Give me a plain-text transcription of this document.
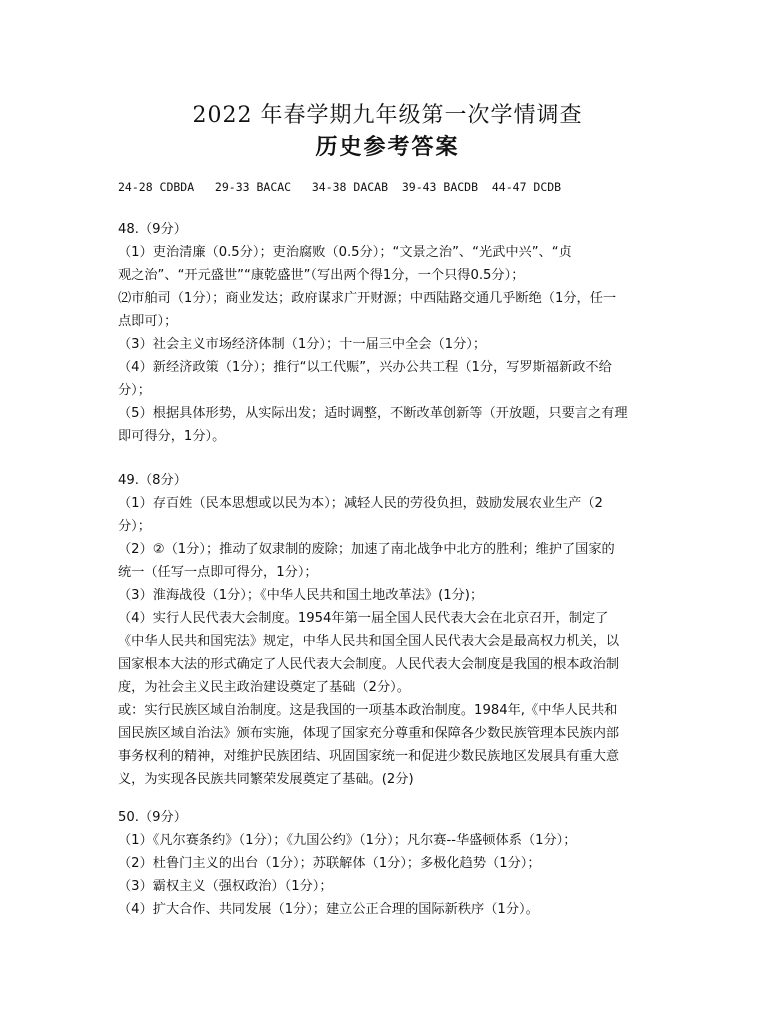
2022 年春学期九年级第一次学情调查
历史参考答案
24-28 CDBDA   29-33 BACAC   34-38 DACAB  39-43 BACDB  44-47 DCDB
48.（9分）
（1）吏治清廉（0.5分）；吏治腐败（0.5分）；“文景之治”、“光武中兴”、“贞
观之治”、“开元盛世”“康乾盛世”（写出两个得1分，一个只得0.5分）；
⑵市舶司（1分）；商业发达；政府谋求广开财源；中西陆路交通几乎断绝（1分，任一
点即可）；
（3）社会主义市场经济体制（1分）；十一届三中全会（1分）；
（4）新经济政策（1分）；推行“以工代赈”，兴办公共工程（1分，写罗斯福新政不给
分）；
（5）根据具体形势，从实际出发；适时调整，不断改革创新等（开放题，只要言之有理
即可得分，1分）。
49.（8分）
（1）存百姓（民本思想或以民为本）；减轻人民的劳役负担，鼓励发展农业生产（2
分）；
（2）②（1分）；推动了奴隶制的废除；加速了南北战争中北方的胜利；维护了国家的
统一（任写一点即可得分，1分）；
（3）淮海战役（1分）；《中华人民共和国土地改革法》(1分)；
（4）实行人民代表大会制度。1954年第一届全国人民代表大会在北京召开，制定了
《中华人民共和国宪法》规定，中华人民共和国全国人民代表大会是最高权力机关，以
国家根本大法的形式确定了人民代表大会制度。人民代表大会制度是我国的根本政治制
度，为社会主义民主政治建设奠定了基础（2分）。
或：实行民族区域自治制度。这是我国的一项基本政治制度。1984年,《中华人民共和
国民族区域自治法》颁布实施，体现了国家充分尊重和保障各少数民族管理本民族内部
事务权利的精神，对维护民族团结、巩固国家统一和促进少数民族地区发展具有重大意
义，为实现各民族共同繁荣发展奠定了基础。(2分)
50.（9分）
（1）《凡尔赛条约》（1分）；《九国公约》（1分）；凡尔赛--华盛顿体系（1分）；
（2）杜鲁门主义的出台（1分）；苏联解体（1分）；多极化趋势（1分）；
（3）霸权主义（强权政治）（1分）；
（4）扩大合作、共同发展（1分）；建立公正合理的国际新秩序（1分）。
